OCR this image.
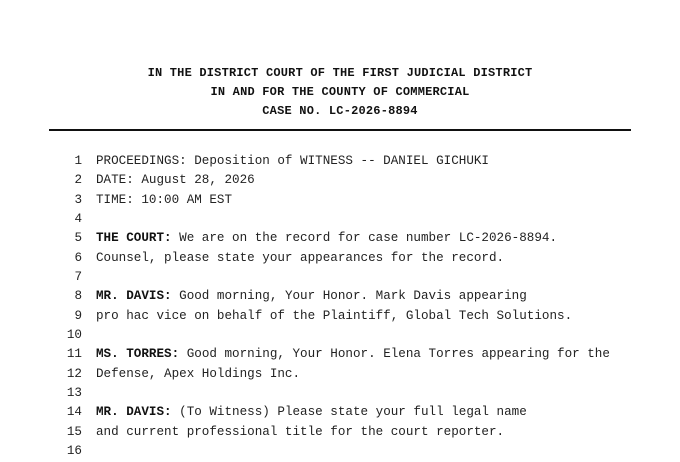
IN THE DISTRICT COURT OF THE FIRST JUDICIAL DISTRICT
IN AND FOR THE COUNTY OF COMMERCIAL
CASE NO. LC-2026-8894
1 PROCEEDINGS: Deposition of WITNESS -- DANIEL GICHUKI
2 DATE: August 28, 2026
3 TIME: 10:00 AM EST
4
5 THE COURT: We are on the record for case number LC-2026-8894.
6 Counsel, please state your appearances for the record.
7
8 MR. DAVIS: Good morning, Your Honor. Mark Davis appearing
9 pro hac vice on behalf of the Plaintiff, Global Tech Solutions.
10
11 MS. TORRES: Good morning, Your Honor. Elena Torres appearing for the
12 Defense, Apex Holdings Inc.
13
14 MR. DAVIS: (To Witness) Please state your full legal name
15 and current professional title for the court reporter.
16
